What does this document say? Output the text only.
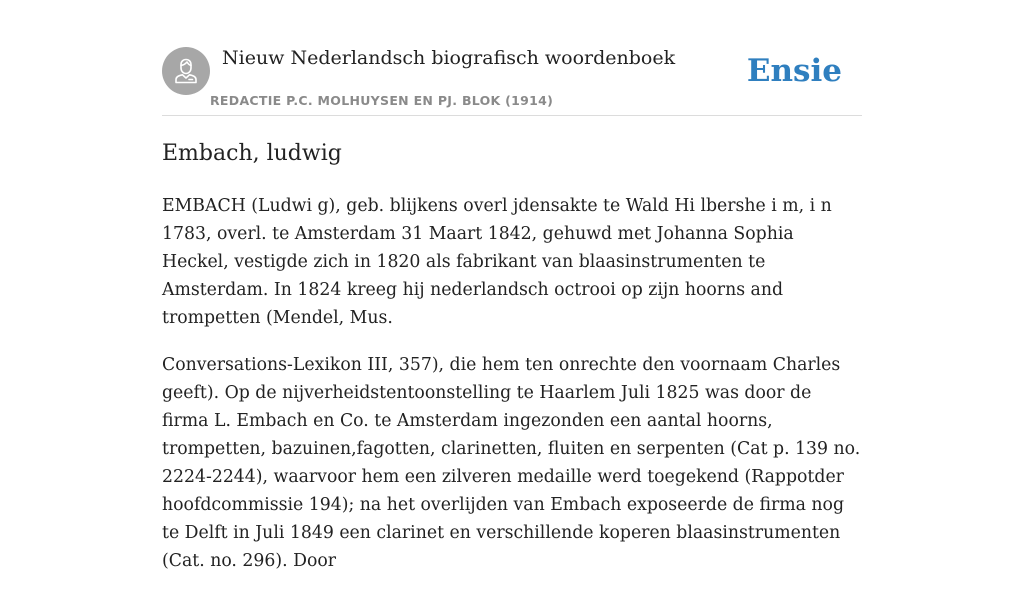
Nieuw Nederlandsch biografisch woordenboek
REDACTIE P.C. MOLHUYSEN EN PJ. BLOK (1914)
Ensie
Embach, ludwig

EMBACH (Ludwi g), geb. blijkens overl jdensakte te Wald Hi lbershe i m, i n 1783, overl. te Amsterdam 31 Maart 1842, gehuwd met Johanna Sophia Heckel, vestigde zich in 1820 als fabrikant van blaasinstrumenten te Amsterdam. In 1824 kreeg hij nederlandsch octrooi op zijn hoorns and trompetten (Mendel, Mus.

Conversations-Lexikon III, 357), die hem ten onrechte den voornaam Charles geeft). Op de nijverheidstentoonstelling te Haarlem Juli 1825 was door de firma L. Embach en Co. te Amsterdam ingezonden een aantal hoorns, trompetten, bazuinen,fagotten, clarinetten, fluiten en serpenten (Cat p. 139 no. 2224-2244), waarvoor hem een zilveren medaille werd toegekend (Rappotder hoofdcommissie 194); na het overlijden van Embach exposeerde de firma nog te Delft in Juli 1849 een clarinet en verschillende koperen blaasinstrumenten (Cat. no. 296). Door
